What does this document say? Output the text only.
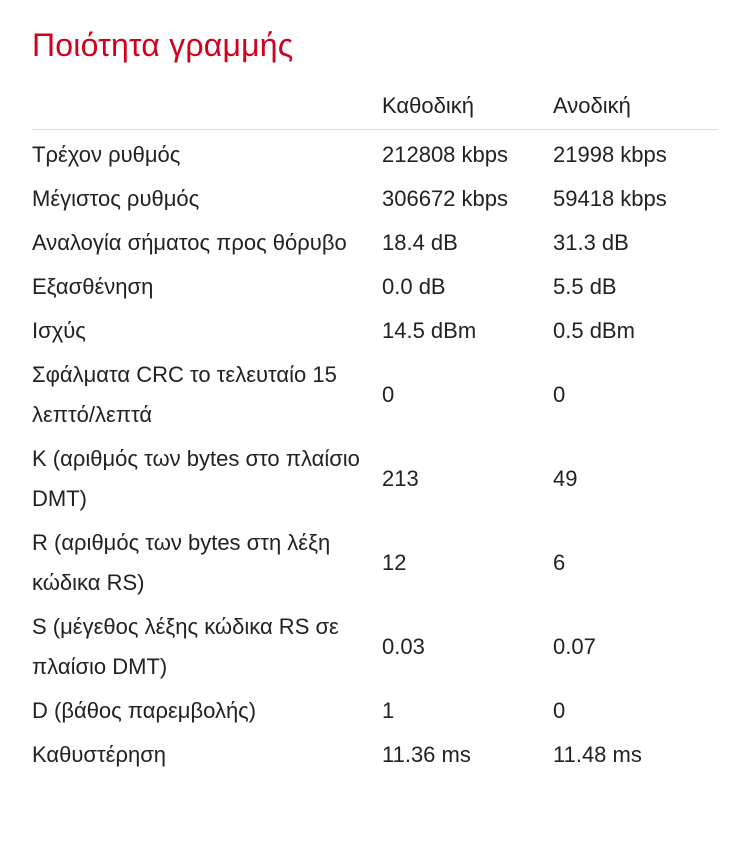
Ποιότητα γραμμής
	Καθοδική	Ανοδική
Τρέχον ρυθμός	212808 kbps	21998 kbps
Μέγιστος ρυθμός	306672 kbps	59418 kbps
Αναλογία σήματος προς θόρυβο	18.4 dB	31.3 dB
Εξασθένηση	0.0 dB	5.5 dB
Ισχύς	14.5 dBm	0.5 dBm
Σφάλματα CRC το τελευταίο 15 λεπτό/λεπτά	0	0
K (αριθμός των bytes στο πλαίσιο DMT)	213	49
R (αριθμός των bytes στη λέξη κώδικα RS)	12	6
S (μέγεθος λέξης κώδικα RS σε πλαίσιο DMT)	0.03	0.07
D (βάθος παρεμβολής)	1	0
Καθυστέρηση	11.36 ms	11.48 ms
